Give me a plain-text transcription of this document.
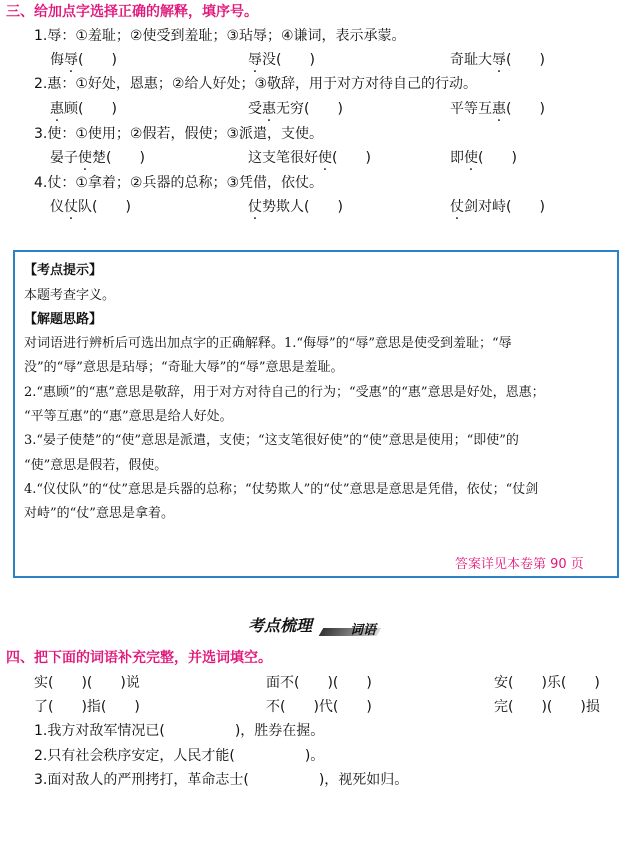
三、给加点字选择正确的解释，填序号。
1.辱：①羞耻；②使受到羞耻；③玷辱；④谦词，表示承蒙。
侮辱(　　)	辱没(　　)	奇耻大辱(　　)
2.惠：①好处，恩惠；②给人好处；③敬辞，用于对方对待自己的行动。
惠顾(　　)	受惠无穷(　　)	平等互惠(　　)
3.使：①使用；②假若，假使；③派遣，支使。
晏子使楚(　　)	这支笔很好使(　　)	即使(　　)
4.仗：①拿着；②兵器的总称；③凭借，依仗。
仪仗队(　　)	仗势欺人(　　)	仗剑对峙(　　)
【考点提示】
本题考查字义。
【解题思路】
对词语进行辨析后可选出加点字的正确解释。1.“侮辱”的“辱”意思是使受到羞耻；“辱
没”的“辱”意思是玷辱；“奇耻大辱”的“辱”意思是羞耻。
2.“惠顾”的“惠”意思是敬辞，用于对方对待自己的行为；“受惠”的“惠”意思是好处，恩惠；
“平等互惠”的“惠”意思是给人好处。
3.“晏子使楚”的“使”意思是派遣，支使；“这支笔很好使”的“使”意思是使用；“即使”的
“使”意思是假若，假使。
4.“仪仗队”的“仗”意思是兵器的总称；“仗势欺人”的“仗”意思是意思是凭借，依仗；“仗剑
对峙”的“仗”意思是拿着。
答案详见本卷第 90 页
考点梳理	词语
四、把下面的词语补充完整，并选词填空。
实(　　)(　　)说	面不(　　)(　　)	安(　　)乐(　　)
了(　　)指(　　)	不(　　)代(　　)	完(　　)(　　)损
1.我方对敌军情况已(　　　　　)，胜券在握。
2.只有社会秩序安定，人民才能(　　　　　)。
3.面对敌人的严刑拷打，革命志士(　　　　　)，视死如归。
